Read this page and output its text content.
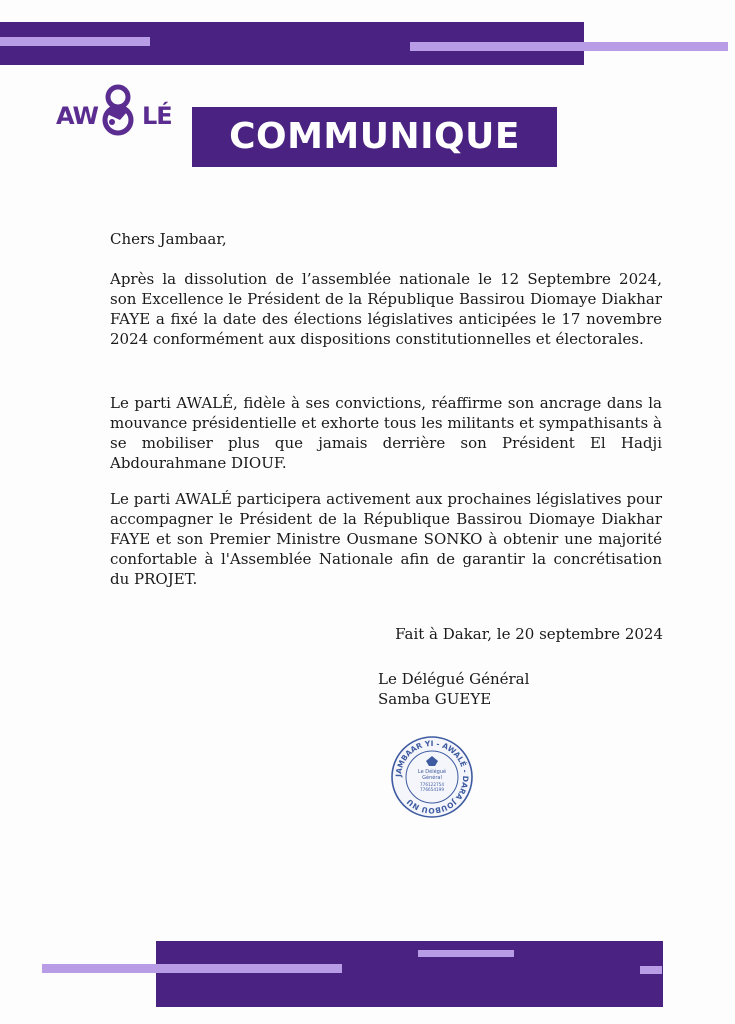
AW LÉ	COMMUNIQUE
Chers Jambaar,

Après la dissolution de l’assemblée nationale le 12 Septembre 2024, son Excellence le Président de la République Bassirou Diomaye Diakhar FAYE a fixé la date des élections législatives anticipées le 17 novembre 2024 conformément aux dispositions constitutionnelles et électorales.

Le parti AWALÉ, fidèle à ses convictions, réaffirme son ancrage dans la mouvance présidentielle et exhorte tous les militants et sympathisants à se mobiliser plus que jamais derrière son Président El Hadji Abdourahmane DIOUF.

Le parti AWALÉ participera activement aux prochaines législatives pour accompagner le Président de la République Bassirou Diomaye Diakhar FAYE et son Premier Ministre Ousmane SONKO à obtenir une majorité confortable à l'Assemblée Nationale afin de garantir la concrétisation du PROJET.

Fait à Dakar, le 20 septembre 2024
Le Délégué Général
Samba GUEYE
JAMBAAR YI - AWALÉ - DARA JOUBOU NU
Le Délégué
Général
776122754
776654199
